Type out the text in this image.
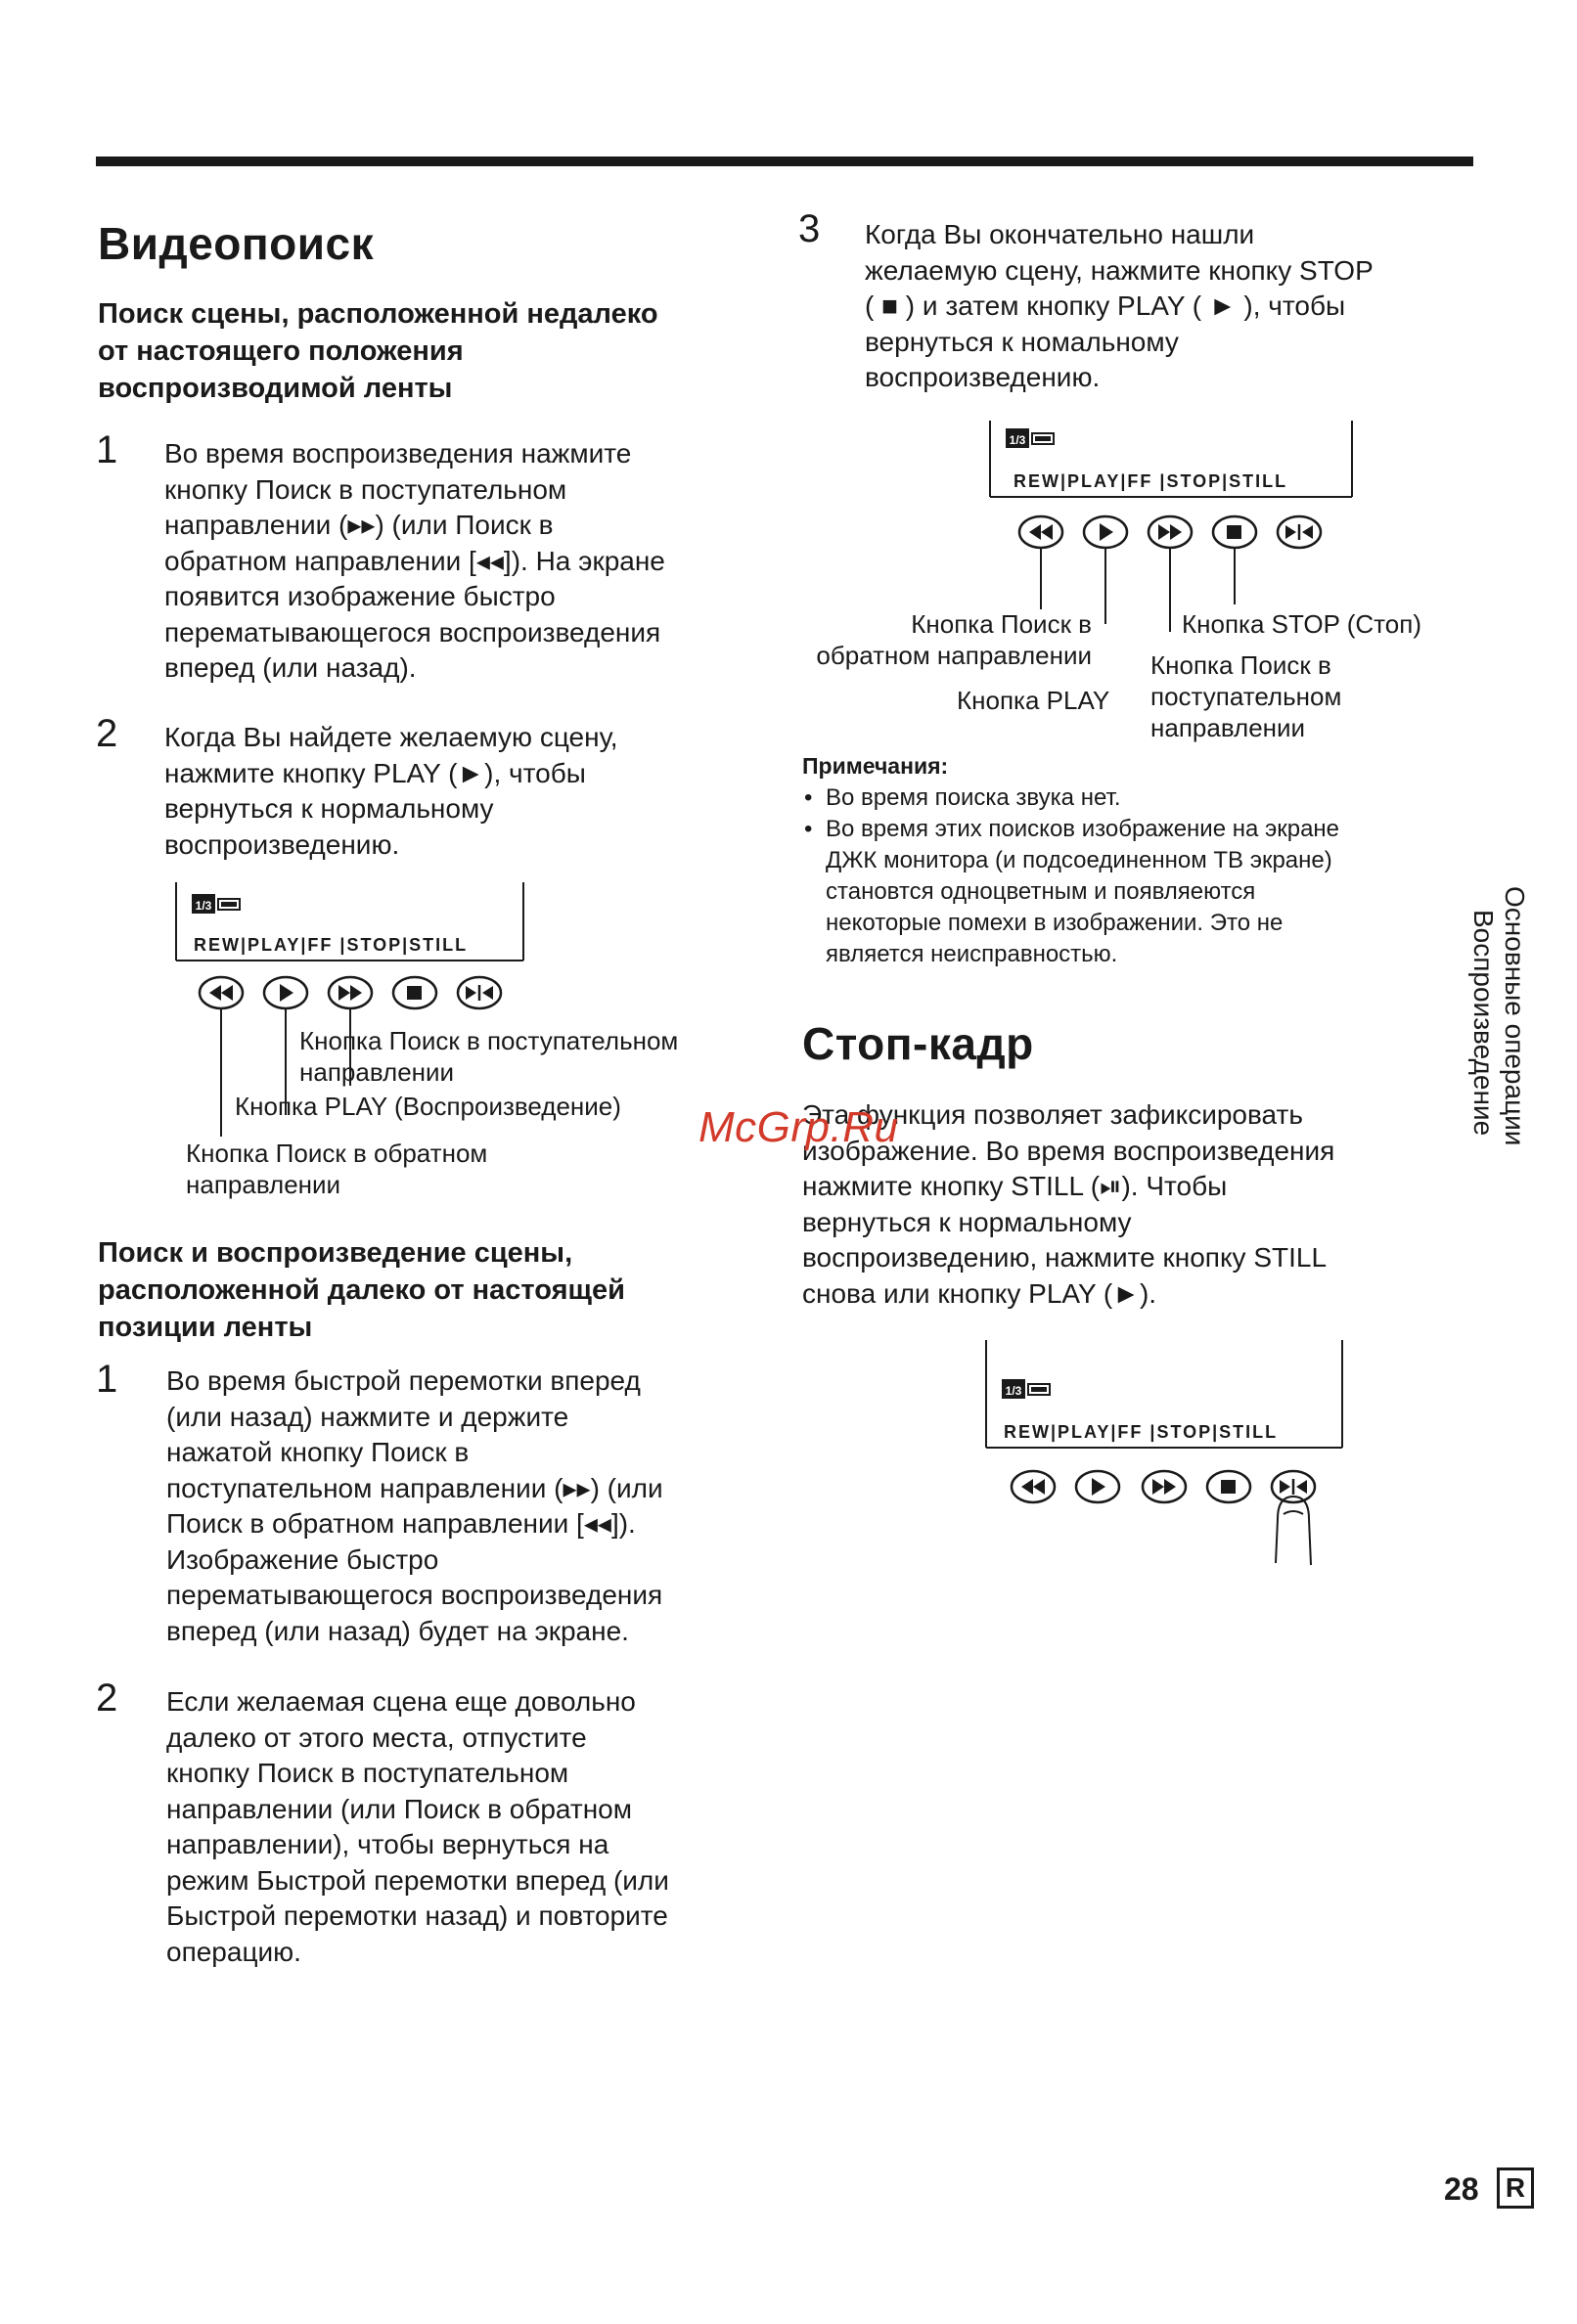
Видеопоиск
Поиск сцены, расположенной недалеко
от настоящего положения
воспроизводимой ленты
1 Во время воспроизведения нажмите
кнопку Поиск в поступательном
направлении (▸▸) (или Поиск в
обратном направлении [◂◂]). На экране
появится изображение быстро
перематывающегося воспроизведения
вперед (или назад).
2 Когда Вы найдете желаемую сцену,
нажмите кнопку PLAY (►), чтобы
вернуться к нормальному
воспроизведению.
1/3
REW|PLAY|FF |STOP|STILL
Кнопка Поиск в поступательном
направлении
Кнопка PLAY (Воспроизведение)
Кнопка Поиск в обратном
направлении
Поиск и воспроизведение сцены,
расположенной далеко от настоящей
позиции ленты
1 Во время быстрой перемотки вперед
(или назад) нажмите и держите
нажатой кнопку Поиск в
поступательном направлении (▸▸) (или
Поиск в обратном направлении [◂◂]).
Изображение быстро
перематывающегося воспроизведения
вперед (или назад) будет на экране.
2 Если желаемая сцена еще довольно
далеко от этого места, отпустите
кнопку Поиск в поступательном
направлении (или Поиск в обратном
направлении), чтобы вернуться на
режим Быстрой перемотки вперед (или
Быстрой перемотки назад) и повторите
операцию.
3 Когда Вы окончательно нашли
желаемую сцену, нажмите кнопку STOP
( ■ ) и затем кнопку PLAY ( ► ), чтобы
вернуться к номальному
воспроизведению.
1/3
REW|PLAY|FF |STOP|STILL
Кнопка Поиск в
обратном направлении
Кнопка PLAY
Кнопка STOP (Стоп)
Кнопка Поиск в
поступательном
направлении
Примечания:
• Во время поиска звука нет.
• Во время этих поисков изображение на экране
ДЖК монитора (и подсоединенном ТВ экране)
становтся одноцветным и появляеются
некоторые помехи в изображении. Это не
является неисправностью.
Стоп-кадр
Эта функция позволяет зафиксировать
изображение. Во время воспроизведения
нажмите кнопку STILL (⏯). Чтобы
вернуться к нормальному
воспроизведению, нажмите кнопку STILL
снова или кнопку PLAY (►).
1/3
REW|PLAY|FF |STOP|STILL
Основные операции
Воспроизведение
McGrp.Ru
28 R
